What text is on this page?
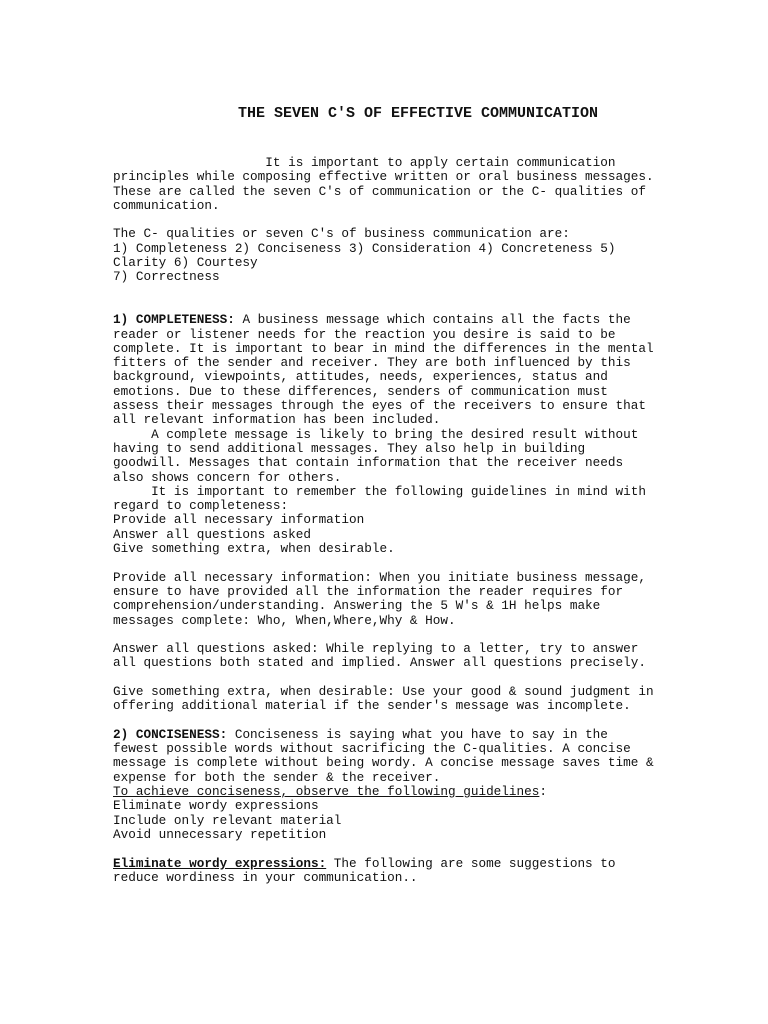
THE SEVEN C'S OF EFFECTIVE COMMUNICATION
It is important to apply certain communication
principles while composing effective written or oral business messages.
These are called the seven C's of communication or the C- qualities of
communication.
The C- qualities or seven C's of business communication are:
1) Completeness 2) Conciseness 3) Consideration 4) Concreteness 5)
Clarity 6) Courtesy
7) Correctness
1) COMPLETENESS: A business message which contains all the facts the
reader or listener needs for the reaction you desire is said to be
complete. It is important to bear in mind the differences in the mental
fitters of the sender and receiver. They are both influenced by this
background, viewpoints, attitudes, needs, experiences, status and
emotions. Due to these differences, senders of communication must
assess their messages through the eyes of the receivers to ensure that
all relevant information has been included.
A complete message is likely to bring the desired result without
having to send additional messages. They also help in building
goodwill. Messages that contain information that the receiver needs
also shows concern for others.
It is important to remember the following guidelines in mind with
regard to completeness:
Provide all necessary information
Answer all questions asked
Give something extra, when desirable.
Provide all necessary information: When you initiate business message,
ensure to have provided all the information the reader requires for
comprehension/understanding. Answering the 5 W's & 1H helps make
messages complete: Who, When,Where,Why & How.
Answer all questions asked: While replying to a letter, try to answer
all questions both stated and implied. Answer all questions precisely.
Give something extra, when desirable: Use your good & sound judgment in
offering additional material if the sender's message was incomplete.
2) CONCISENESS: Conciseness is saying what you have to say in the
fewest possible words without sacrificing the C-qualities. A concise
message is complete without being wordy. A concise message saves time &
expense for both the sender & the receiver.
To achieve conciseness, observe the following guidelines:
Eliminate wordy expressions
Include only relevant material
Avoid unnecessary repetition
Eliminate wordy expressions: The following are some suggestions to
reduce wordiness in your communication..
